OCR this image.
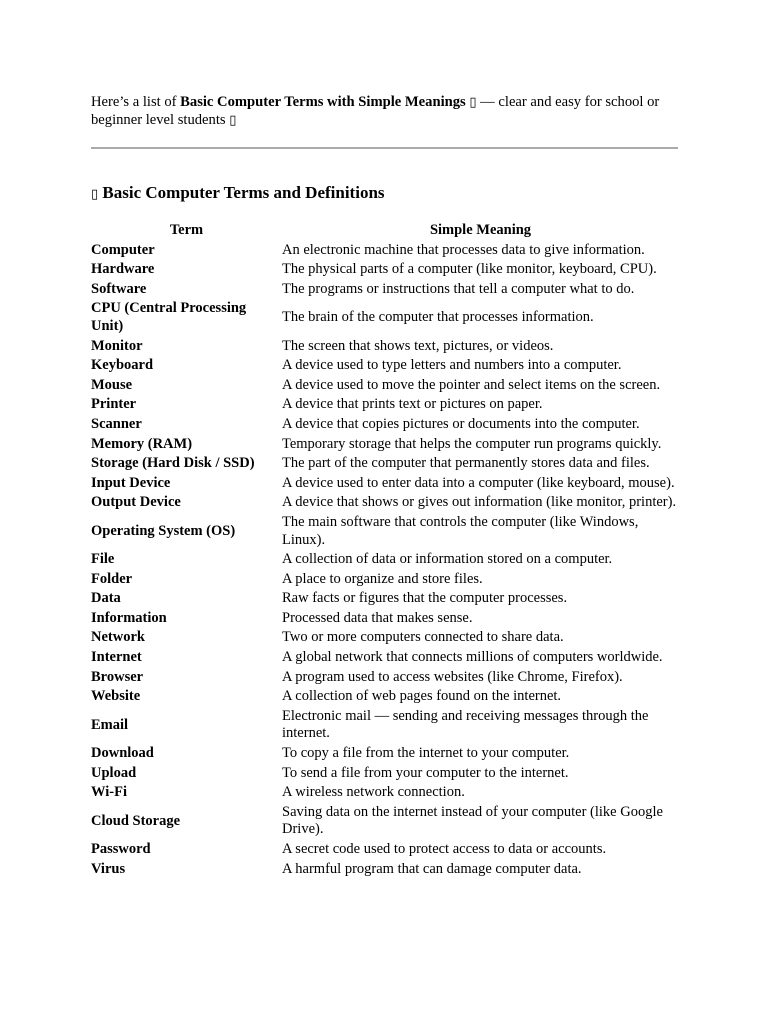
Here’s a list of Basic Computer Terms with Simple Meanings ▯ — clear and easy for school or beginner level students ▯

▯ Basic Computer Terms and Definitions
Term	Simple Meaning
Computer	An electronic machine that processes data to give information.
Hardware	The physical parts of a computer (like monitor, keyboard, CPU).
Software	The programs or instructions that tell a computer what to do.
CPU (Central Processing Unit)	The brain of the computer that processes information.
Monitor	The screen that shows text, pictures, or videos.
Keyboard	A device used to type letters and numbers into a computer.
Mouse	A device used to move the pointer and select items on the screen.
Printer	A device that prints text or pictures on paper.
Scanner	A device that copies pictures or documents into the computer.
Memory (RAM)	Temporary storage that helps the computer run programs quickly.
Storage (Hard Disk / SSD)	The part of the computer that permanently stores data and files.
Input Device	A device used to enter data into a computer (like keyboard, mouse).
Output Device	A device that shows or gives out information (like monitor, printer).
Operating System (OS)	The main software that controls the computer (like Windows, Linux).
File	A collection of data or information stored on a computer.
Folder	A place to organize and store files.
Data	Raw facts or figures that the computer processes.
Information	Processed data that makes sense.
Network	Two or more computers connected to share data.
Internet	A global network that connects millions of computers worldwide.
Browser	A program used to access websites (like Chrome, Firefox).
Website	A collection of web pages found on the internet.
Email	Electronic mail — sending and receiving messages through the internet.
Download	To copy a file from the internet to your computer.
Upload	To send a file from your computer to the internet.
Wi-Fi	A wireless network connection.
Cloud Storage	Saving data on the internet instead of your computer (like Google Drive).
Password	A secret code used to protect access to data or accounts.
Virus	A harmful program that can damage computer data.
